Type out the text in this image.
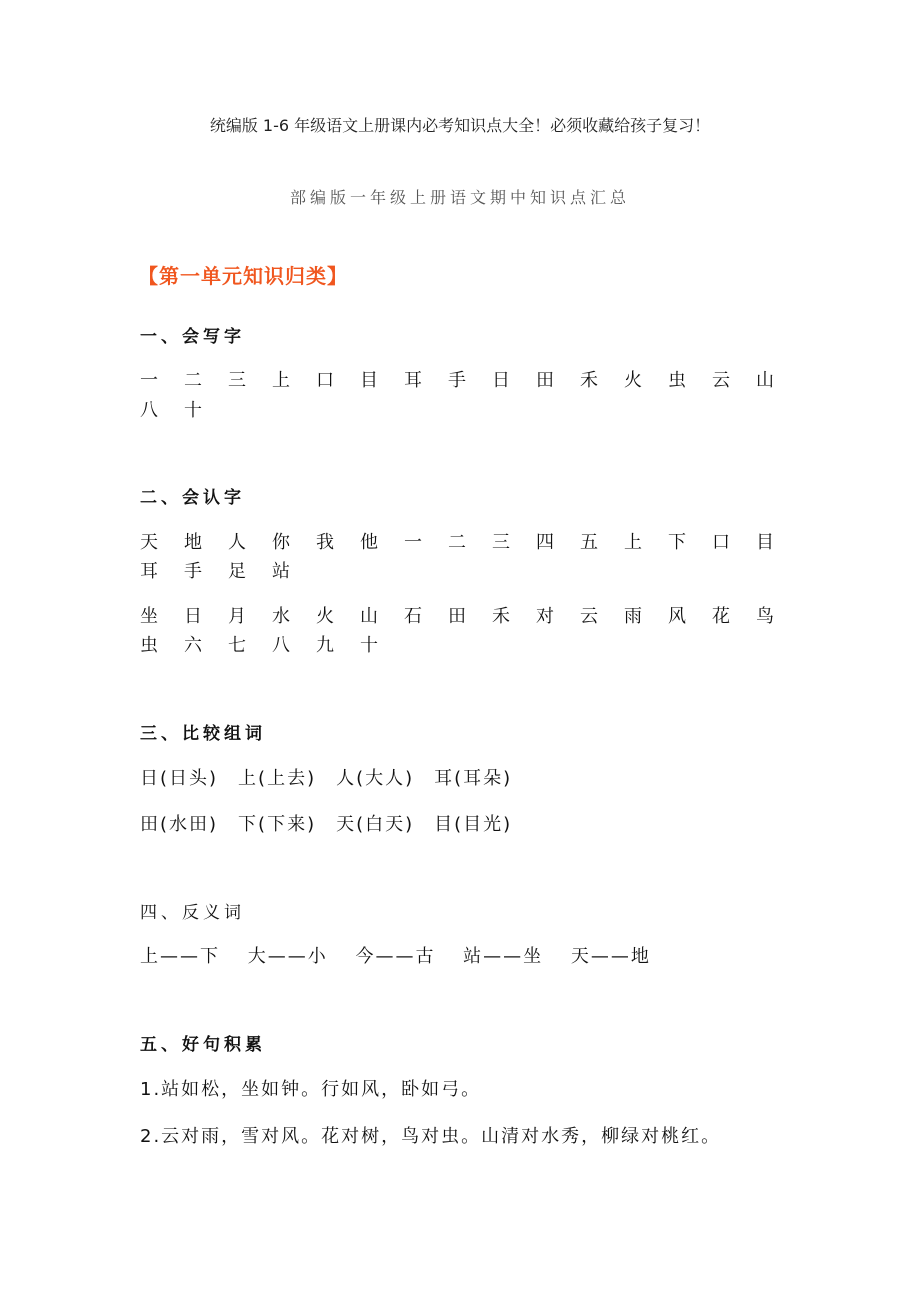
统编版 1-6 年级语文上册课内必考知识点大全！必须收藏给孩子复习！

部编版一年级上册语文期中知识点汇总

【第一单元知识归类】

一、会写字

一 二 三 上 口 目 耳 手 日 田 禾 火 虫 云 山
八 十

二、会认字

天 地 人 你 我 他 一 二 三 四 五 上 下 口 目
耳 手 足 站
坐 日 月 水 火 山 石 田 禾 对 云 雨 风 花 鸟
虫 六 七 八 九 十

三、比较组词

日(日头)　上(上去)　人(大人)　耳(耳朵)

田(水田)　下(下来)　天(白天)　目(目光)

四、反义词

上——下　 大——小　 今——古　 站——坐　 天——地

五、好句积累

1.站如松，坐如钟。行如风，卧如弓。

2.云对雨，雪对风。花对树，鸟对虫。山清对水秀，柳绿对桃红。
